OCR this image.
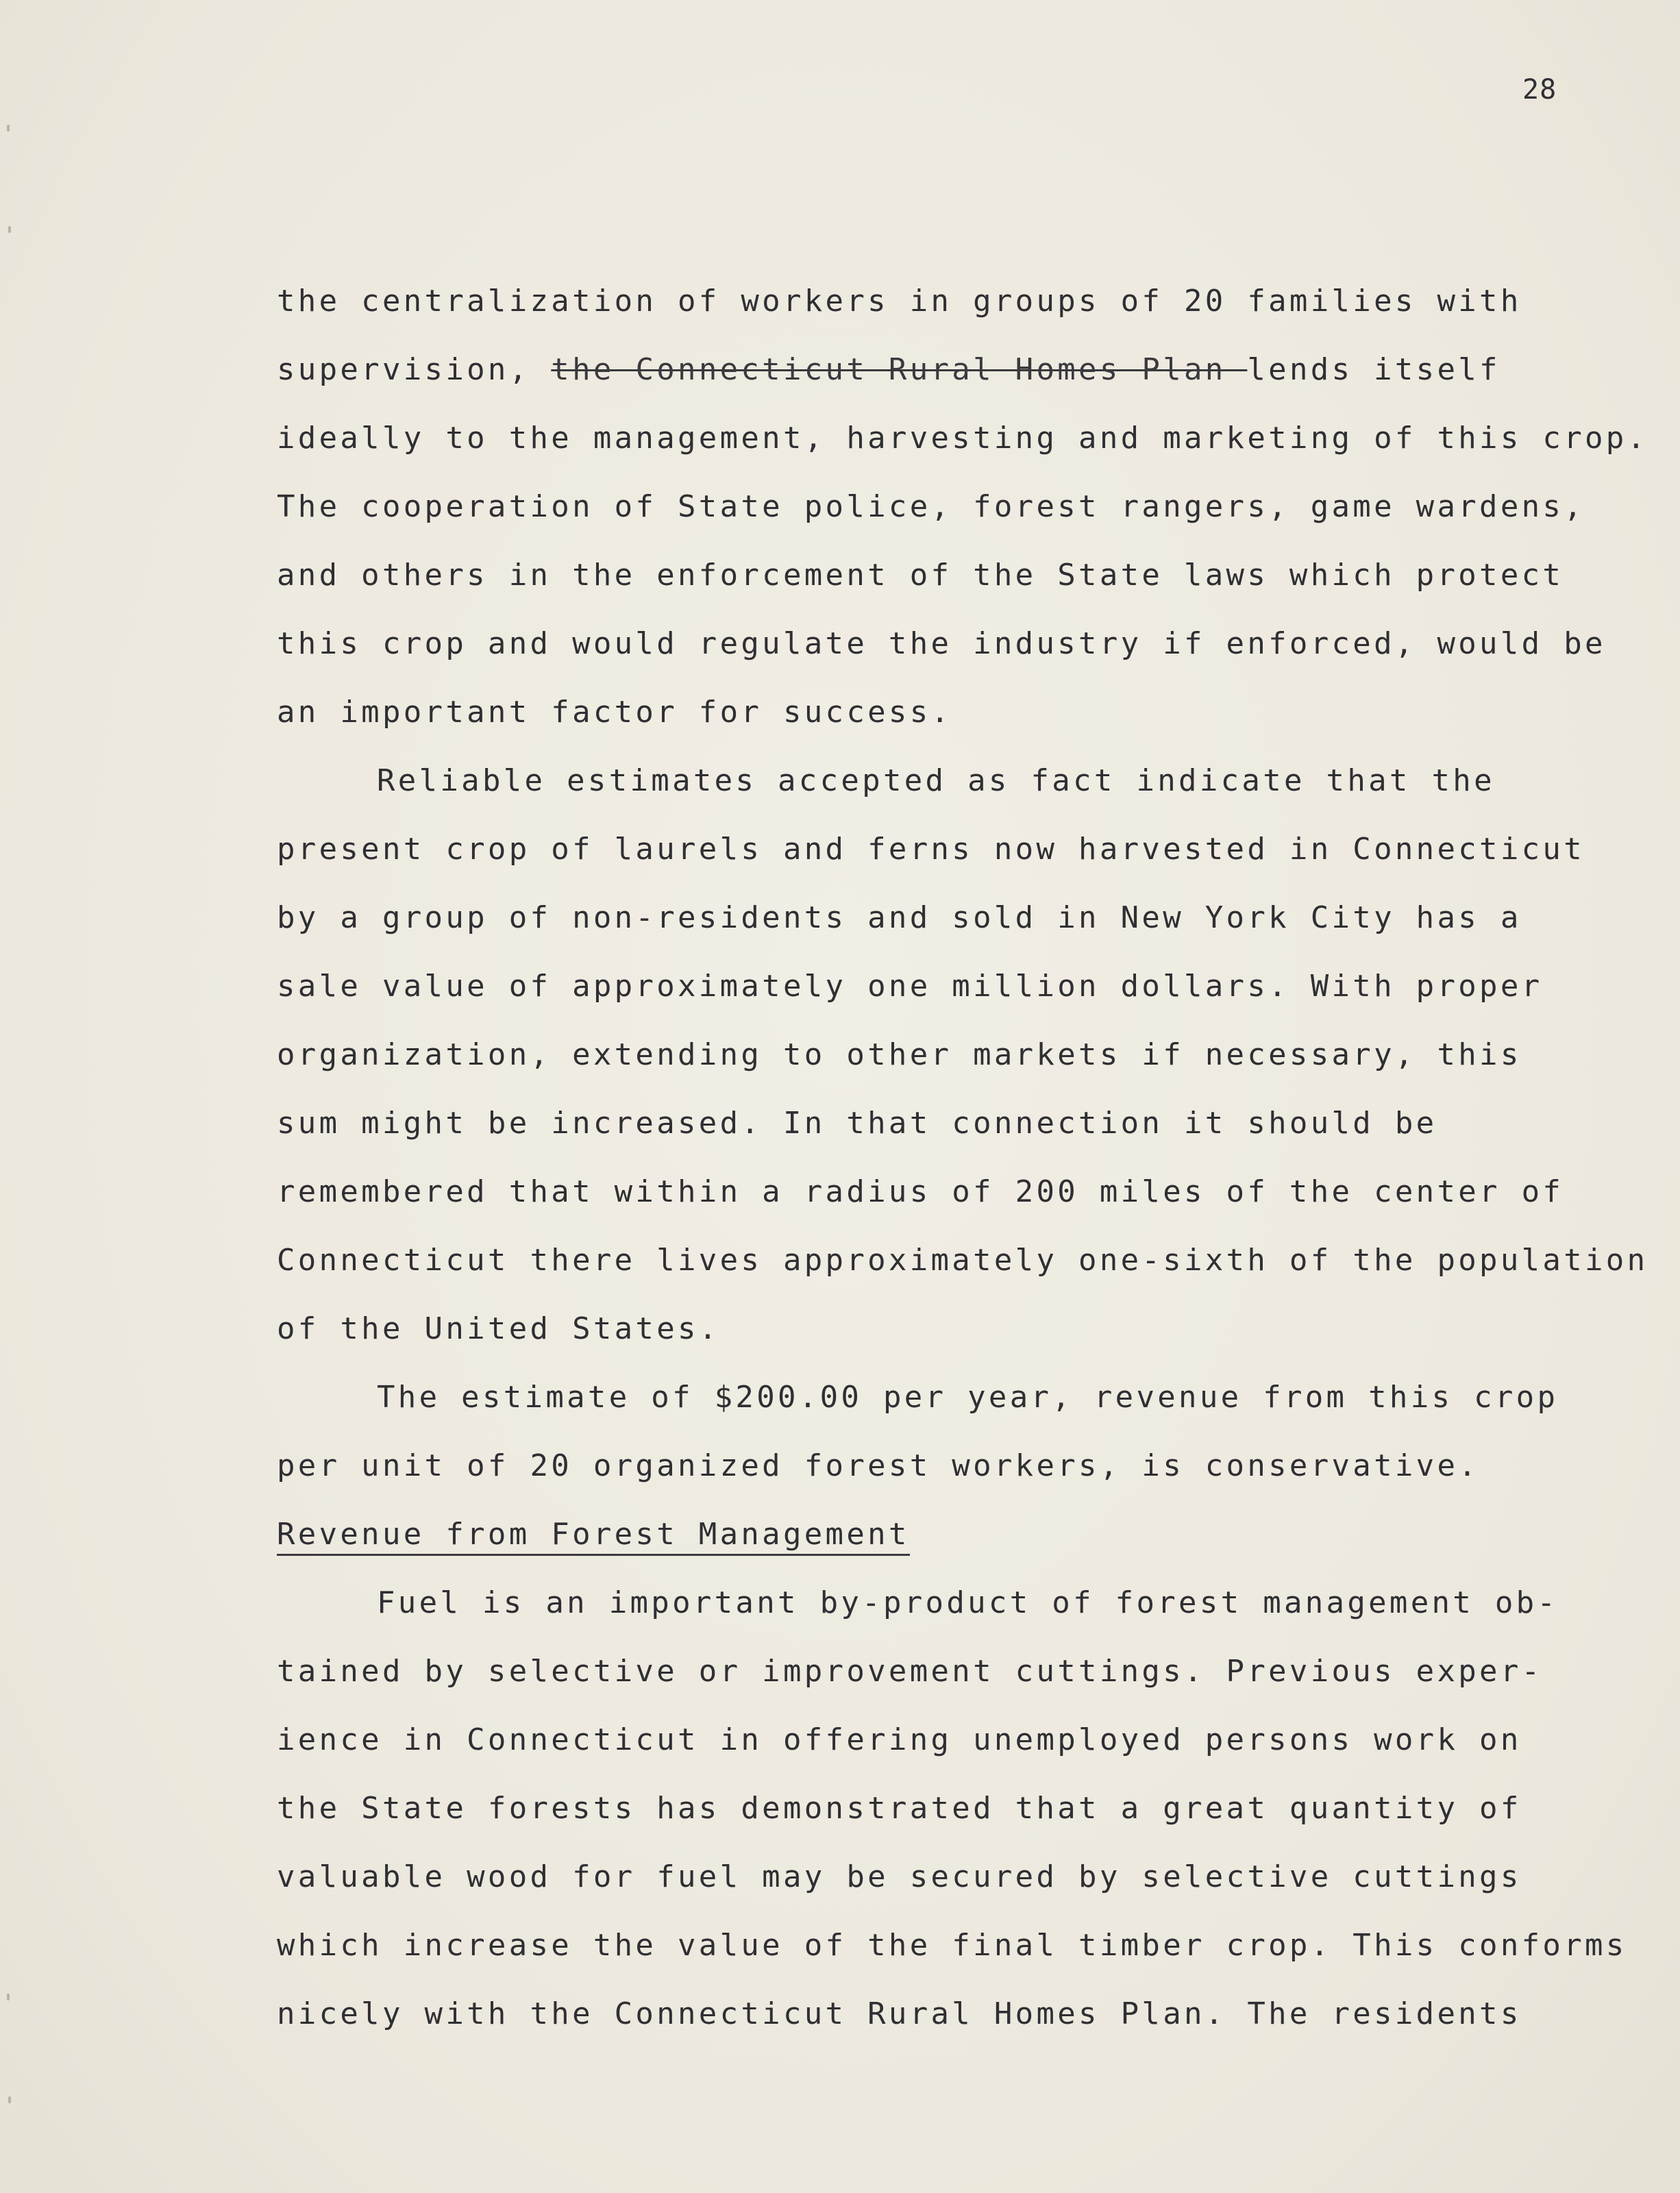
28
the centralization of workers in groups of 20 families with
supervision, the Connecticut Rural Homes Plan lends itself
ideally to the management, harvesting and marketing of this crop.
The cooperation of State police, forest rangers, game wardens,
and others in the enforcement of the State laws which protect
this crop and would regulate the industry if enforced, would be
an important factor for success.
Reliable estimates accepted as fact indicate that the
present crop of laurels and ferns now harvested in Connecticut
by a group of non-residents and sold in New York City has a
sale value of approximately one million dollars. With proper
organization, extending to other markets if necessary, this
sum might be increased. In that connection it should be
remembered that within a radius of 200 miles of the center of
Connecticut there lives approximately one-sixth of the population
of the United States.
The estimate of $200.00 per year, revenue from this crop
per unit of 20 organized forest workers, is conservative.
Revenue from Forest Management
Fuel is an important by-product of forest management ob-
tained by selective or improvement cuttings. Previous exper-
ience in Connecticut in offering unemployed persons work on
the State forests has demonstrated that a great quantity of
valuable wood for fuel may be secured by selective cuttings
which increase the value of the final timber crop. This conforms
nicely with the Connecticut Rural Homes Plan. The residents
